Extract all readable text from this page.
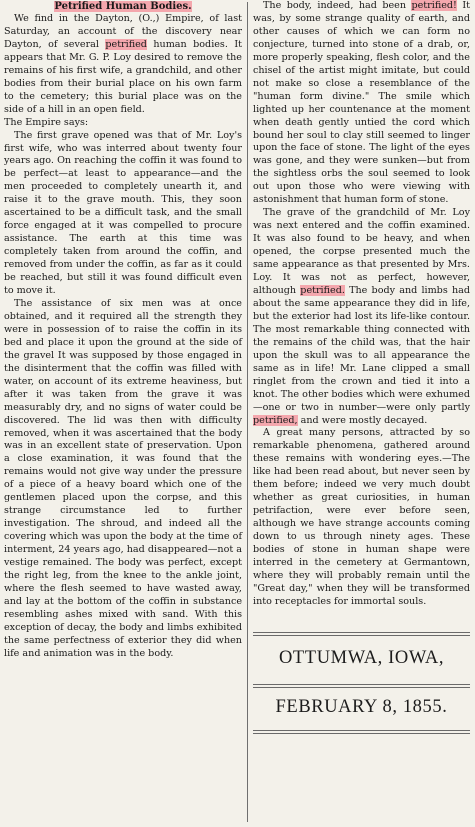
Petrified Human Bodies.

We find in the Dayton, (O.,) Empire, of last Saturday, an account of the discovery near Dayton, of several petrified human bodies. It appears that Mr. G. P. Loy desired to remove the remains of his first wife, a grandchild, and other bodies from their burial place on his own farm to the cemetery; this burial place was on the side of a hill in an open field.

The Empire says:

The first grave opened was that of Mr. Loy's first wife, who was interred about twenty four years ago. On reaching the coffin it was found to be perfect—at least to appearance—and the men proceeded to completely unearth it, and raise it to the grave mouth. This, they soon ascertained to be a difficult task, and the small force engaged at it was compelled to procure assistance. The earth at this time was completely taken from around the coffin, and removed from under the coffin, as far as it could be reached, but still it was found difficult even to move it.

The assistance of six men was at once obtained, and it required all the strength they were in possession of to raise the coffin in its bed and place it upon the ground at the side of the gravel It was supposed by those engaged in the disinterment that the coffin was filled with water, on account of its extreme heaviness, but after it was taken from the grave it was measurably dry, and no signs of water could be discovered. The lid was then with difficulty removed, when it was ascertained that the body was in an excellent state of preservation. Upon a close examination, it was found that the remains would not give way under the pressure of a piece of a heavy board which one of the gentlemen placed upon the corpse, and this strange circumstance led to further investigation. The shroud, and indeed all the covering which was upon the body at the time of interment, 24 years ago, had disappeared—not a vestige remained. The body was perfect, except the right leg, from the knee to the ankle joint, where the flesh seemed to have wasted away, and lay at the bottom of the coffin in substance resembling ashes mixed with sand. With this exception of decay, the body and limbs exhibited the same perfectness of exterior they did when life and animation was in the body.

The body, indeed, had been petrified! It was, by some strange quality of earth, and other causes of which we can form no conjecture, turned into stone of a drab, or, more properly speaking, flesh color, and the chisel of the artist might imitate, but could not make so close a resemblance of the "human form divine." The smile which lighted up her countenance at the moment when death gently untied the cord which bound her soul to clay still seemed to linger upon the face of stone. The light of the eyes was gone, and they were sunken—but from the sightless orbs the soul seemed to look out upon those who were viewing with astonishment that human form of stone.

The grave of the grandchild of Mr. Loy was next entered and the coffin examined. It was also found to be heavy, and when opened, the corpse presented much the same appearance as that presented by Mrs. Loy. It was not as perfect, however, although petrified. The body and limbs had about the same appearance they did in life, but the exterior had lost its life-like contour. The most remarkable thing connected with the remains of the child was, that the hair upon the skull was to all appearance the same as in life! Mr. Lane clipped a small ringlet from the crown and tied it into a knot. The other bodies which were exhumed—one or two in number—were only partly petrified, and were mostly decayed.

A great many persons, attracted by so remarkable phenomena, gathered around these remains with wondering eyes.—The like had been read about, but never seen by them before; indeed we very much doubt whether as great curiosities, in human petrifaction, were ever before seen, although we have strange accounts coming down to us through ninety ages. These bodies of stone in human shape were interred in the cemetery at Germantown, where they will probably remain until the "Great day," when they will be transformed into receptacles for immortal souls.

OTTUMWA, IOWA,
FEBRUARY 8, 1855.
